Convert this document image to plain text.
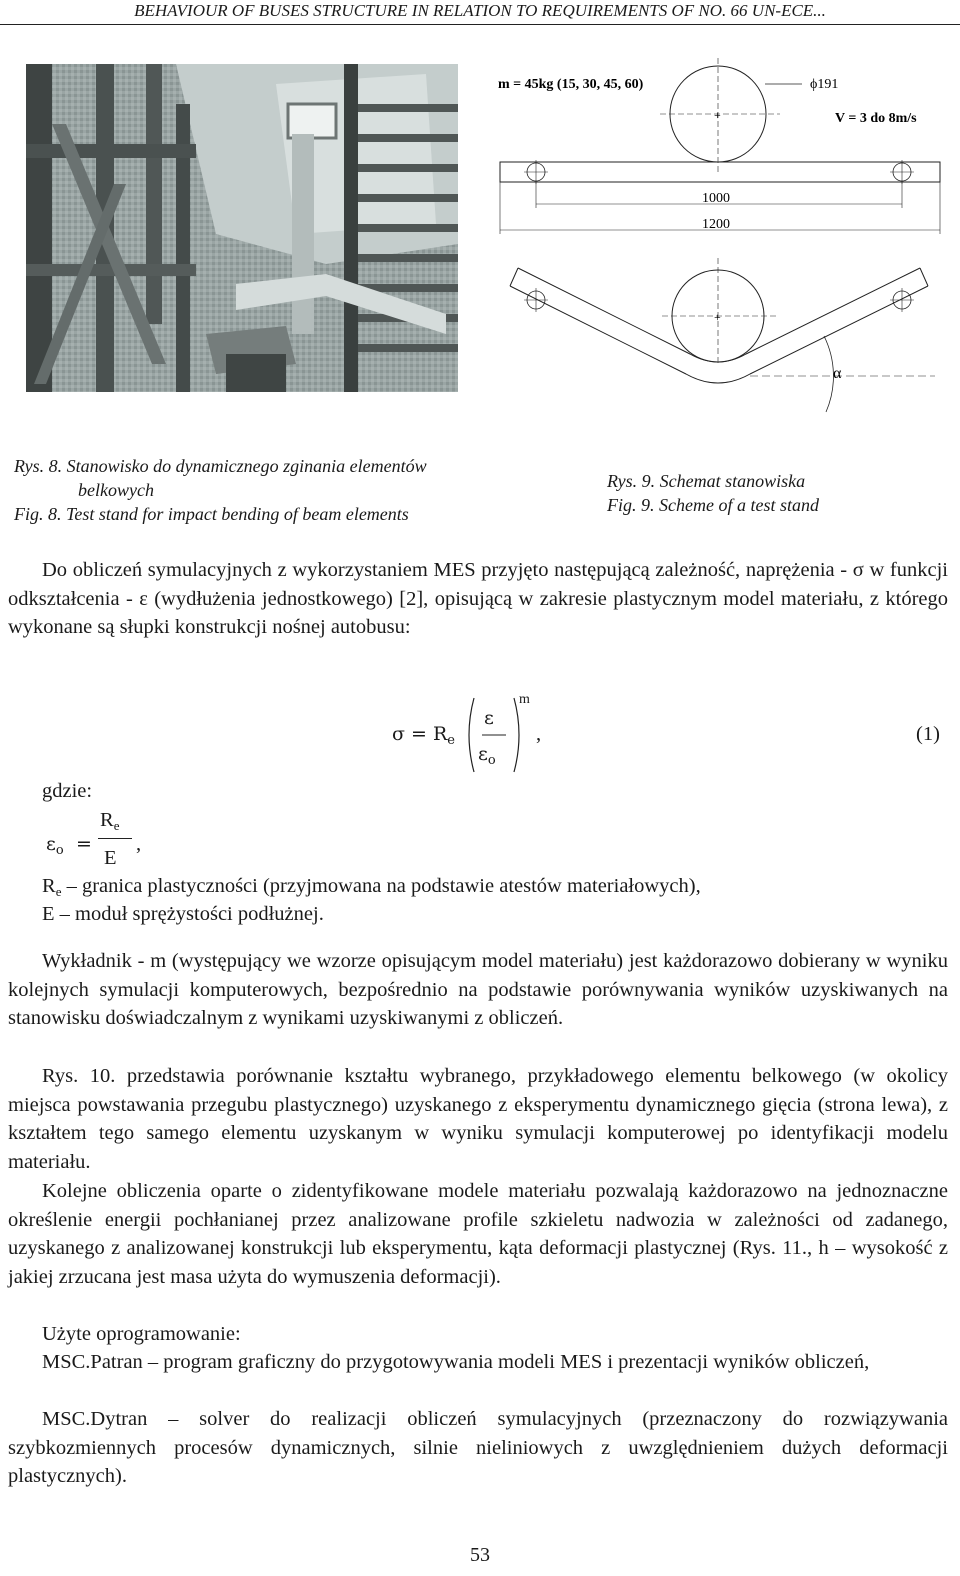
BEHAVIOUR OF BUSES STRUCTURE IN RELATION TO REQUIREMENTS OF NO. 66 UN-ECE...
m = 45kg (15, 30, 45, 60)	ϕ191
V = 3 do 8m/s
+
1000
1200
+
α
Rys. 8. Stanowisko do dynamicznego zginania elementów
belkowych
Fig. 8. Test stand for impact bending of beam elements
Rys. 9. Schemat stanowiska
Fig. 9. Scheme of a test stand

Do obliczeń symulacyjnych z wykorzystaniem MES przyjęto następującą zależność, naprężenia - σ w funkcji odkształcenia - ε (wydłużenia jednostkowego) [2], opisującą w zakresie plastycznym model materiału, z którego wykonane są słupki konstrukcji nośnej autobusu:

$\sigma = R_e$
ε
$\varepsilon_o$
m
,	(1)
gdzie:
$\varepsilon_o$ =
Re
E
,
Re – granica plastyczności (przyjmowana na podstawie atestów materiałowych),
E – moduł sprężystości podłużnej.

Wykładnik - m (występujący we wzorze opisującym model materiału) jest każdorazowo dobierany w wyniku kolejnych symulacji komputerowych, bezpośrednio na podstawie porównywania wyników uzyskiwanych na stanowisku doświadczalnym z wynikami uzyskiwanymi z obliczeń.

Rys. 10. przedstawia porównanie kształtu wybranego, przykładowego elementu belkowego (w okolicy miejsca powstawania przegubu plastycznego) uzyskanego z eksperymentu dynamicznego gięcia (strona lewa), z kształtem tego samego elementu uzyskanym w wyniku symulacji komputerowej po identyfikacji modelu materiału.

Kolejne obliczenia oparte o zidentyfikowane modele materiału pozwalają każdorazowo na jednoznaczne określenie energii pochłanianej przez analizowane profile szkieletu nadwozia w zależności od zadanego, uzyskanego z analizowanej konstrukcji lub eksperymentu, kąta deformacji plastycznej (Rys. 11., h – wysokość z jakiej zrzucana jest masa użyta do wymuszenia deformacji).

Użyte oprogramowanie:

MSC.Patran – program graficzny do przygotowywania modeli MES i prezentacji wyników obliczeń,

MSC.Dytran – solver do realizacji obliczeń symulacyjnych (przeznaczony do rozwiązywania szybkozmiennych procesów dynamicznych, silnie nieliniowych z uwzględnieniem dużych deformacji plastycznych).

53
